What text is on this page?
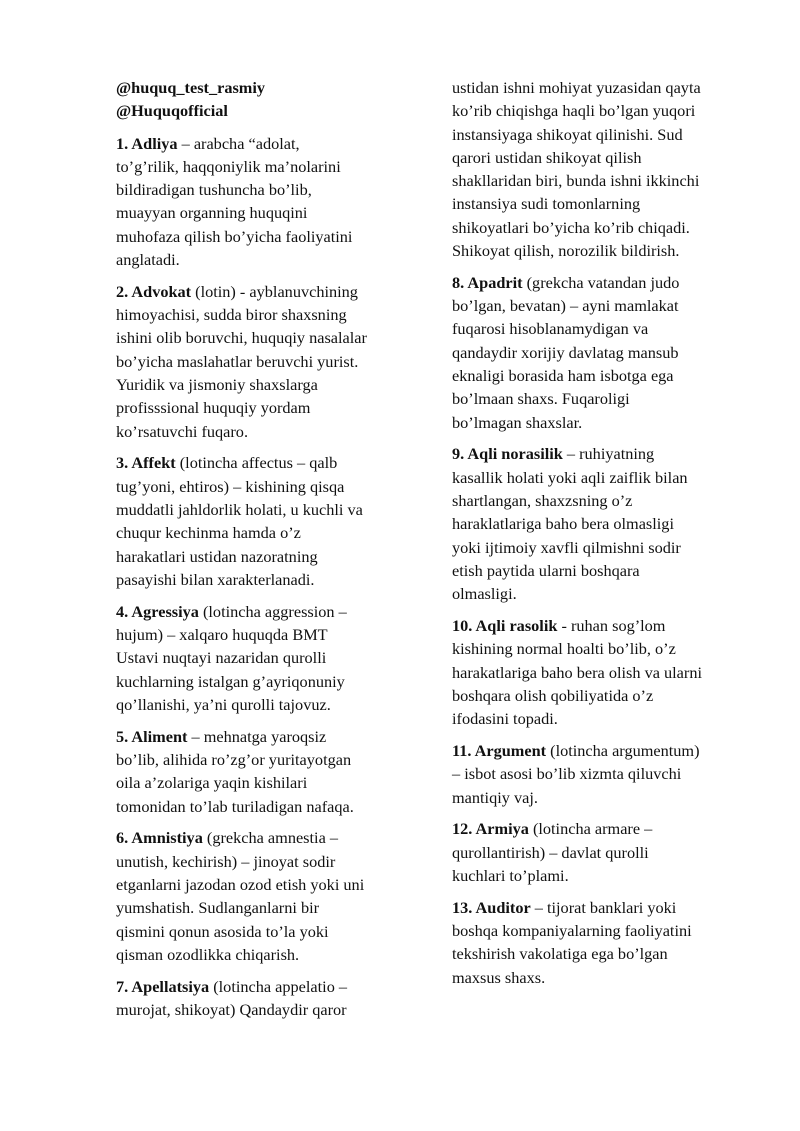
@huquq_test_rasmiy

@Huquqofficial

1. Adliya – arabcha “adolat,
to’g’rilik, haqqoniylik ma’nolarini
bildiradigan tushuncha bo’lib,
muayyan organning huquqini
muhofaza qilish bo’yicha faoliyatini
anglatadi.
2. Advokat (lotin) - ayblanuvchining
himoyachisi, sudda biror shaxsning
ishini olib boruvchi, huquqiy nasalalar
bo’yicha maslahatlar beruvchi yurist.
Yuridik va jismoniy shaxslarga
profisssional huquqiy yordam
ko’rsatuvchi fuqaro.
3. Affekt (lotincha affectus – qalb
tug’yoni, ehtiros) – kishining qisqa
muddatli jahldorlik holati, u kuchli va
chuqur kechinma hamda o’z
harakatlari ustidan nazoratning
pasayishi bilan xarakterlanadi.
4. Agressiya (lotincha aggression –
hujum) – xalqaro huquqda BMT
Ustavi nuqtayi nazaridan qurolli
kuchlarning istalgan g’ayriqonuniy
qo’llanishi, ya’ni qurolli tajovuz.
5. Aliment – mehnatga yaroqsiz
bo’lib, alihida ro’zg’or yuritayotgan
oila a’zolariga yaqin kishilari
tomonidan to’lab turiladigan nafaqa.
6. Amnistiya (grekcha amnestia –
unutish, kechirish) – jinoyat sodir
etganlarni jazodan ozod etish yoki uni
yumshatish. Sudlanganlarni bir
qismini qonun asosida to’la yoki
qisman ozodlikka chiqarish.
7. Apellatsiya (lotincha appelatio –
murojat, shikoyat) Qandaydir qaror
ustidan ishni mohiyat yuzasidan qayta
ko’rib chiqishga haqli bo’lgan yuqori
instansiyaga shikoyat qilinishi. Sud
qarori ustidan shikoyat qilish
shakllaridan biri, bunda ishni ikkinchi
instansiya sudi tomonlarning
shikoyatlari bo’yicha ko’rib chiqadi.
Shikoyat qilish, norozilik bildirish.
8. Apadrit (grekcha vatandan judo
bo’lgan, bevatan) – ayni mamlakat
fuqarosi hisoblanamydigan va
qandaydir xorijiy davlatag mansub
eknaligi borasida ham isbotga ega
bo’lmaan shaxs. Fuqaroligi
bo’lmagan shaxslar.
9. Aqli norasilik – ruhiyatning
kasallik holati yoki aqli zaiflik bilan
shartlangan, shaxzsning o’z
haraklatlariga baho bera olmasligi
yoki ijtimoiy xavfli qilmishni sodir
etish paytida ularni boshqara
olmasligi.
10. Aqli rasolik - ruhan sog’lom
kishining normal hoalti bo’lib, o’z
harakatlariga baho bera olish va ularni
boshqara olish qobiliyatida o’z
ifodasini topadi.
11. Argument (lotincha argumentum)
– isbot asosi bo’lib xizmta qiluvchi
mantiqiy vaj.
12. Armiya (lotincha armare –
qurollantirish) – davlat qurolli
kuchlari to’plami.
13. Auditor – tijorat banklari yoki
boshqa kompaniyalarning faoliyatini
tekshirish vakolatiga ega bo’lgan
maxsus shaxs.
